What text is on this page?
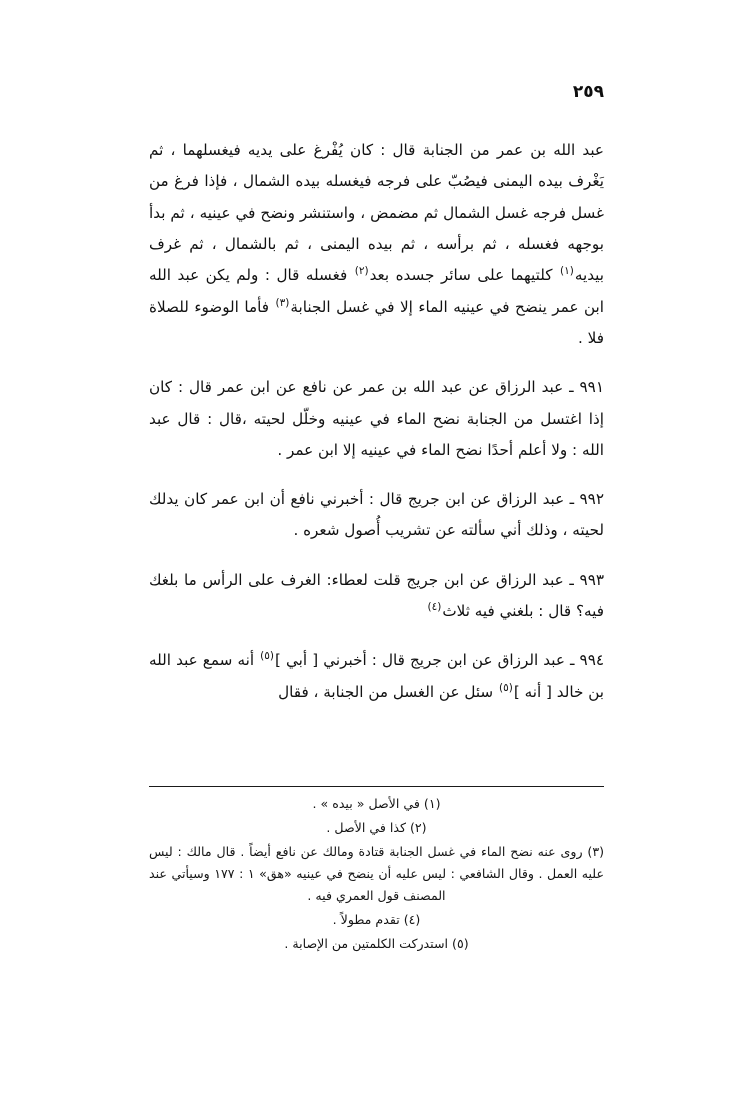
٢٥٩

عبد الله بن عمر من الجنابة قال : كان يُفْرغ على يديه فيغسلهما ، ثم يَغْرف بيده اليمنى فيصُبّ على فرجه فيغسله بيده الشمال ، فإذا فرغ من غسل فرجه غسل الشمال ثم مضمض ، واستنشر ونضح في عينيه ، ثم بدأ بوجهه فغسله ، ثم برأسه ، ثم بيده اليمنى ، ثم بالشمال ، ثم غرف بيديه$^{(١)}$ كلتيهما على سائر جسده بعد$^{(٢)}$ فغسله قال : ولم يكن عبد الله ابن عمر ينضح في عينيه الماء إلا في غسل الجنابة$^{(٣)}$ فأما الوضوء للصلاة فلا .

٩٩١ ـ عبد الرزاق عن عبد الله بن عمر عن نافع عن ابن عمر قال : كان إذا اغتسل من الجنابة نضح الماء في عينيه وخلّل لحيته ،قال : قال عبد الله : ولا أعلم أحدًا نضح الماء في عينيه إلا ابن عمر .

٩٩٢ ـ عبد الرزاق عن ابن جريج قال : أخبرني نافع أن ابن عمر كان يدلك لحيته ، وذلك أني سألته عن تشريب أُصول شعره .

٩٩٣ ـ عبد الرزاق عن ابن جريج قلت لعطاء: الغرف على الرأس ما بلغك فيه؟ قال : بلغني فيه ثلاث$^{(٤)}$

٩٩٤ ـ عبد الرزاق عن ابن جريج قال : أخبرني [ أبي ]$^{(٥)}$ أنه سمع عبد الله بن خالد [ أنه ]$^{(٥)}$ سئل عن الغسل من الجنابة ، فقال

(١) في الأصل « بيده » .
(٢) كذا في الأصل .
(٣) روى عنه نضح الماء في غسل الجنابة قتادة ومالك عن نافع أيضاً . قال مالك : ليس عليه العمل . وقال الشافعي : ليس عليه أن ينضح في عينيه «هق» ١ : ١٧٧ وسيأتي عند المصنف قول العمري فيه .
(٤) تقدم مطولاً .
(٥) استدركت الكلمتين من الإصابة .
